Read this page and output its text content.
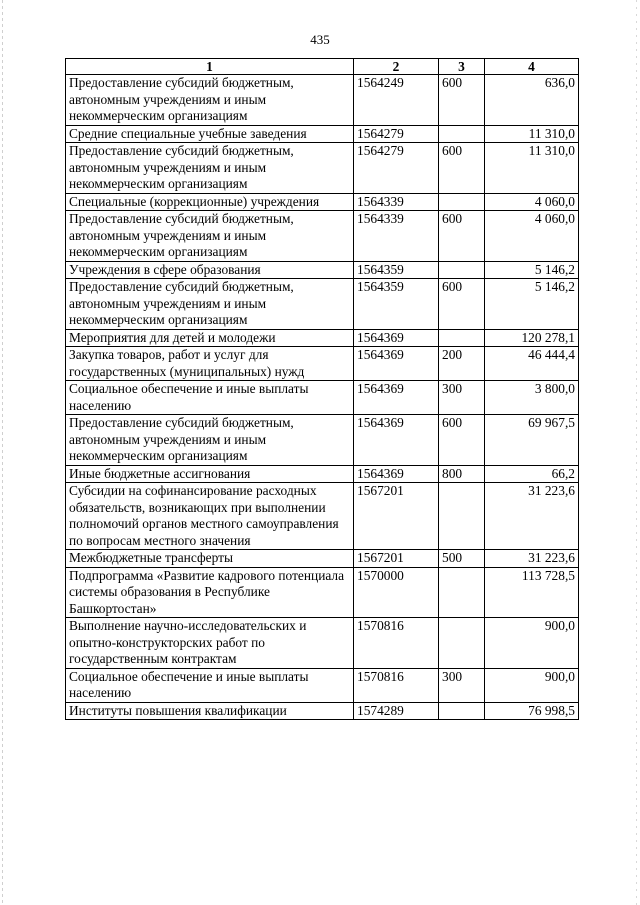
435
1	2	3	4
Предоставление субсидий бюджетным, автономным учреждениям и иным некоммерческим организациям	1564249	600	636,0
Средние специальные учебные заведения	1564279		11 310,0
Предоставление субсидий бюджетным, автономным учреждениям и иным некоммерческим организациям	1564279	600	11 310,0
Специальные (коррекционные) учреждения	1564339		4 060,0
Предоставление субсидий бюджетным, автономным учреждениям и иным некоммерческим организациям	1564339	600	4 060,0
Учреждения в сфере образования	1564359		5 146,2
Предоставление субсидий бюджетным, автономным учреждениям и иным некоммерческим организациям	1564359	600	5 146,2
Мероприятия для детей и молодежи	1564369		120 278,1
Закупка товаров, работ и услуг для государственных (муниципальных) нужд	1564369	200	46 444,4
Социальное обеспечение и иные выплаты населению	1564369	300	3 800,0
Предоставление субсидий бюджетным, автономным учреждениям и иным некоммерческим организациям	1564369	600	69 967,5
Иные бюджетные ассигнования	1564369	800	66,2
Субсидии на софинансирование расходных обязательств, возникающих при выполнении полномочий органов местного самоуправления по вопросам местного значения	1567201		31 223,6
Межбюджетные трансферты	1567201	500	31 223,6
Подпрограмма «Развитие кадрового потенциала системы образования в Республике Башкортостан»	1570000		113 728,5
Выполнение научно-исследовательских и опытно-конструкторских работ по государственным контрактам	1570816		900,0
Социальное обеспечение и иные выплаты населению	1570816	300	900,0
Институты повышения квалификации	1574289		76 998,5
